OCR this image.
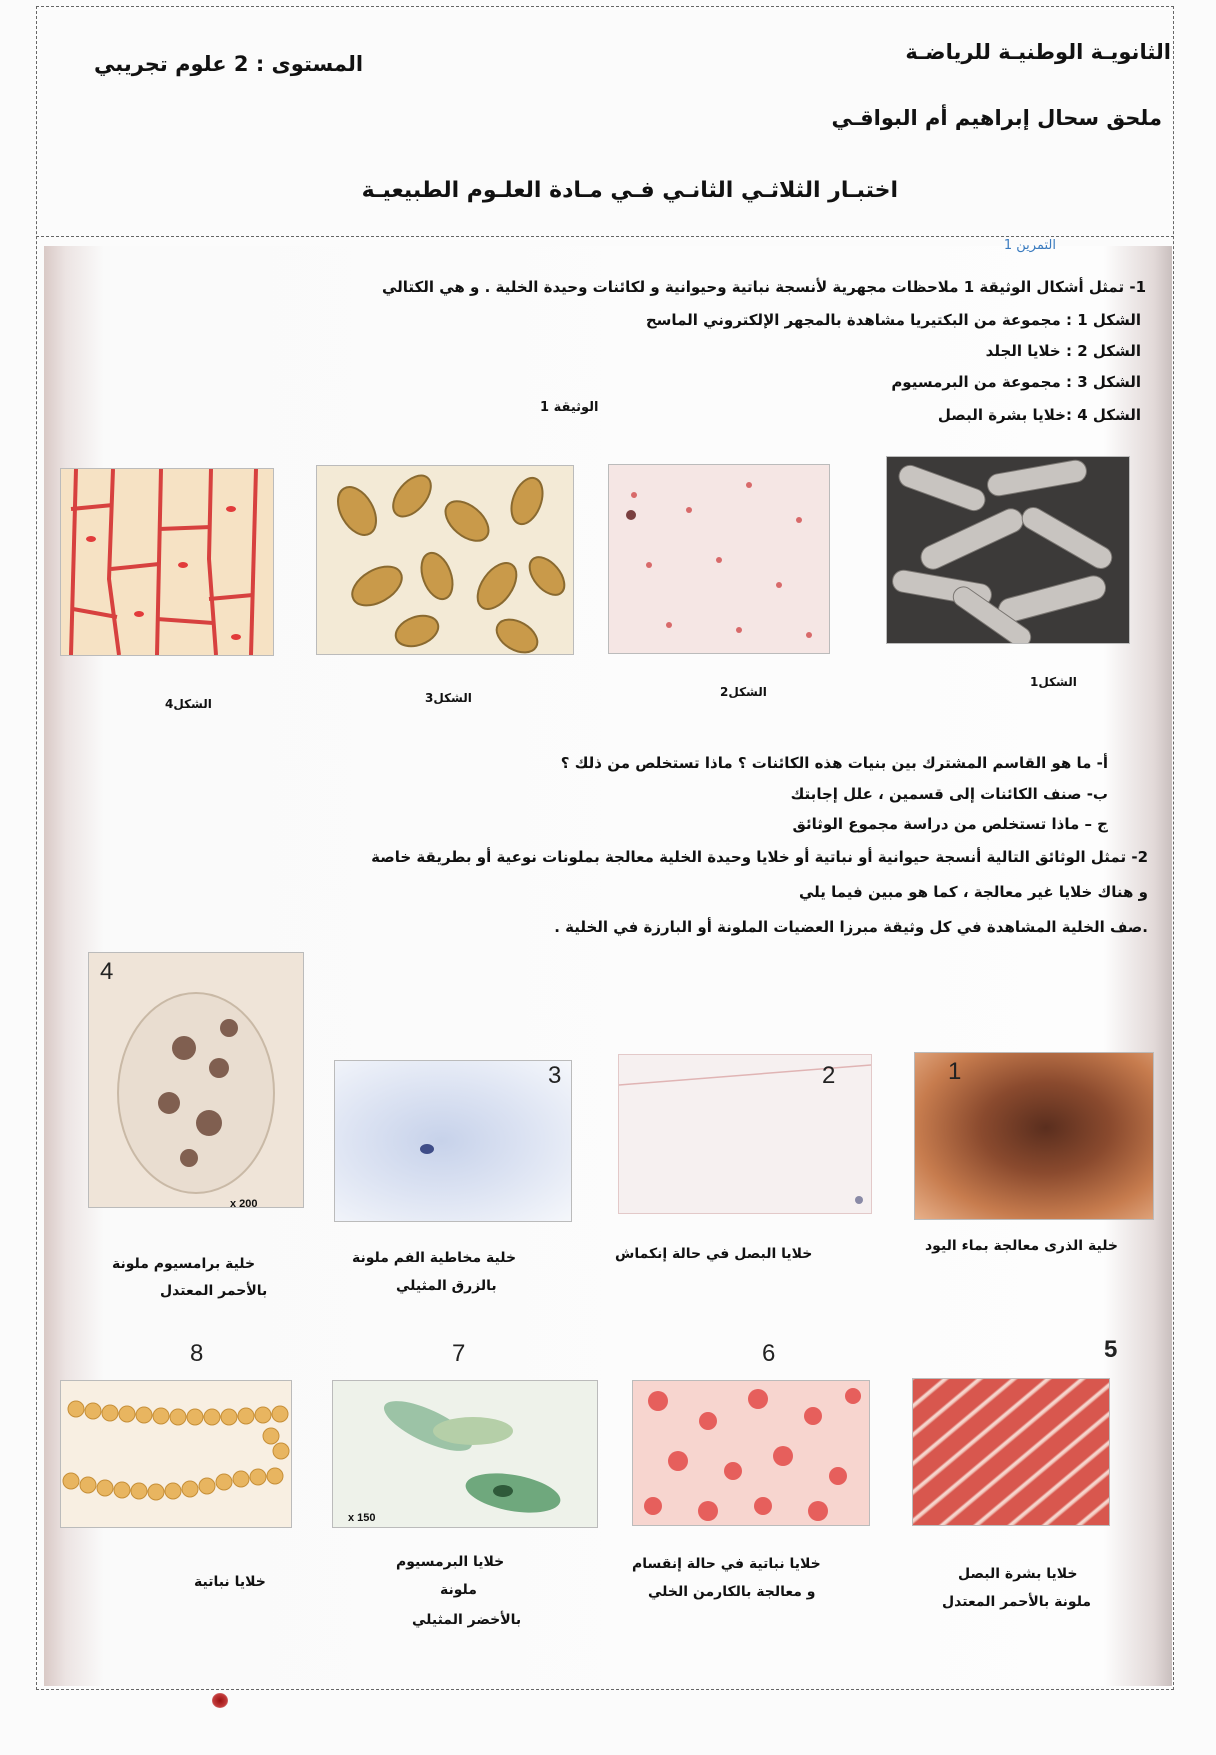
الثانويـة الوطنيـة للرياضـة
المستوى : 2 علوم تجريبي
ملحق سحال إبراهيم أم البواقـي
اختبـار الثلاثـي الثانـي فـي مـادة العلـوم الطبيعيـة
التمرين 1
1- تمثل أشكال الوثيقة 1 ملاحظات مجهرية لأنسجة نباتية وحيوانية و لكائنات وحيدة الخلية . و هي الكتالي
الشكل 1 : مجموعة من البكتيريا مشاهدة بالمجهر الإلكتروني الماسح
الشكل 2 : خلايا الجلد
الشكل 3 : مجموعة من البرمسيوم
الشكل 4 :خلايا بشرة البصل
الوثيقة 1
الشكل1
الشكل2
الشكل3
الشكل4
أ- ما هو القاسم المشترك بين بنيات هذه الكائنات ؟ ماذا تستخلص من ذلك ؟
ب- صنف الكائنات إلى قسمين ، علل إجابتك
ج – ماذا تستخلص من دراسة مجموع الوثائق
2- تمثل الوثائق التالية أنسجة حيوانية أو نباتية أو خلايا وحيدة الخلية معالجة بملونات نوعية أو بطريقة خاصة
و هناك خلايا غير معالجة ، كما هو مبين فيما يلي
.صف الخلية المشاهدة في كل وثيقة مبرزا العضيات الملونة أو البارزة في الخلية .
1
2
3
4
x 200
خلية الذرى معالجة بماء اليود
خلايا البصل في حالة إنكماش
خلية مخاطية الفم ملونة
بالزرق المثيلي
خلية برامسيوم ملونة
بالأحمر المعتدل
5
6
7
x 150
8
خلايا بشرة البصل
ملونة بالأحمر المعتدل
خلايا نباتية في حالة إنقسام
و معالجة بالكارمن الخلي
خلايا البرمسيوم
ملونة
بالأخضر المثيلي
خلايا نباتية
